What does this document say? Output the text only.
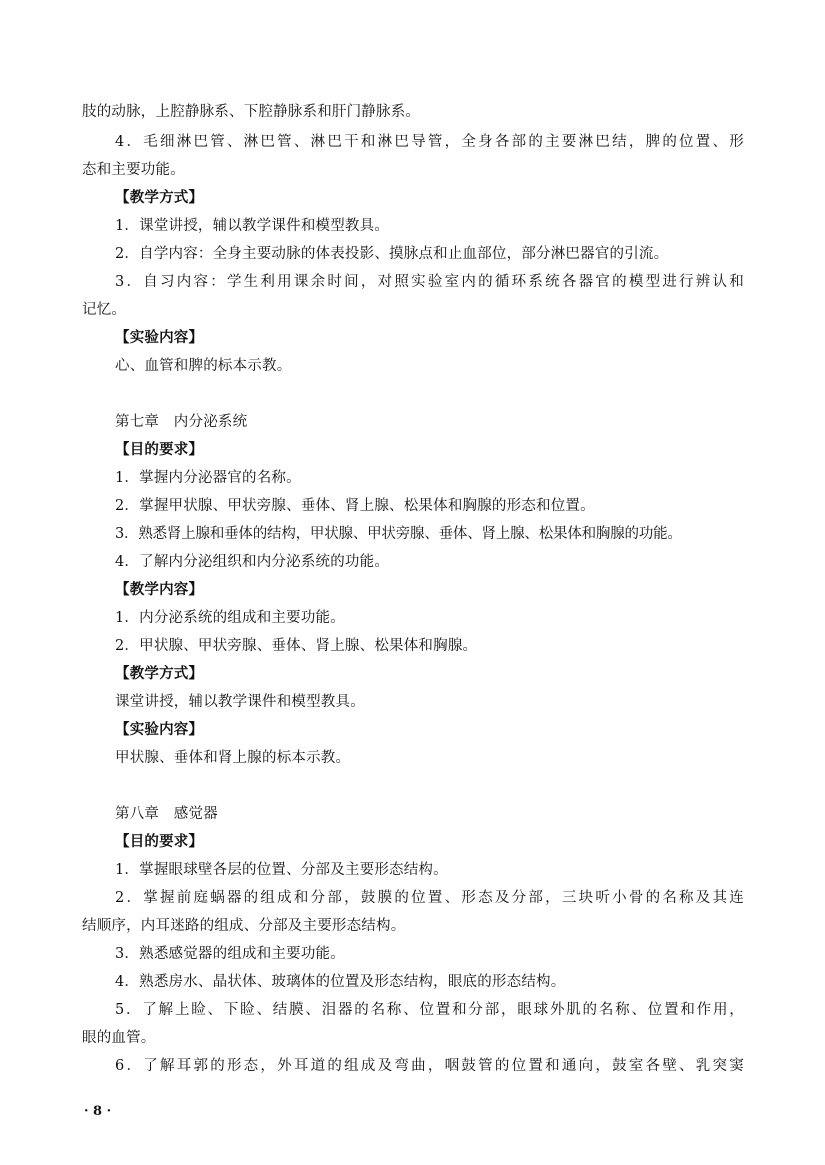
肢的动脉，上腔静脉系、下腔静脉系和肝门静脉系。
4．毛细淋巴管、淋巴管、淋巴干和淋巴导管，全身各部的主要淋巴结，脾的位置、形
态和主要功能。
【教学方式】
1．课堂讲授，辅以教学课件和模型教具。
2．自学内容：全身主要动脉的体表投影、摸脉点和止血部位，部分淋巴器官的引流。
3．自习内容：学生利用课余时间，对照实验室内的循环系统各器官的模型进行辨认和
记忆。
【实验内容】
心、血管和脾的标本示教。
第七章　内分泌系统
【目的要求】
1．掌握内分泌器官的名称。
2．掌握甲状腺、甲状旁腺、垂体、肾上腺、松果体和胸腺的形态和位置。
3．熟悉肾上腺和垂体的结构，甲状腺、甲状旁腺、垂体、肾上腺、松果体和胸腺的功能。
4．了解内分泌组织和内分泌系统的功能。
【教学内容】
1．内分泌系统的组成和主要功能。
2．甲状腺、甲状旁腺、垂体、肾上腺、松果体和胸腺。
【教学方式】
课堂讲授，辅以教学课件和模型教具。
【实验内容】
甲状腺、垂体和肾上腺的标本示教。
第八章　感觉器
【目的要求】
1．掌握眼球壁各层的位置、分部及主要形态结构。
2．掌握前庭蜗器的组成和分部，鼓膜的位置、形态及分部，三块听小骨的名称及其连
结顺序，内耳迷路的组成、分部及主要形态结构。
3．熟悉感觉器的组成和主要功能。
4．熟悉房水、晶状体、玻璃体的位置及形态结构，眼底的形态结构。
5．了解上睑、下睑、结膜、泪器的名称、位置和分部，眼球外肌的名称、位置和作用，
眼的血管。
6．了解耳郭的形态，外耳道的组成及弯曲，咽鼓管的位置和通向，鼓室各壁、乳突窦
· 8 ·
